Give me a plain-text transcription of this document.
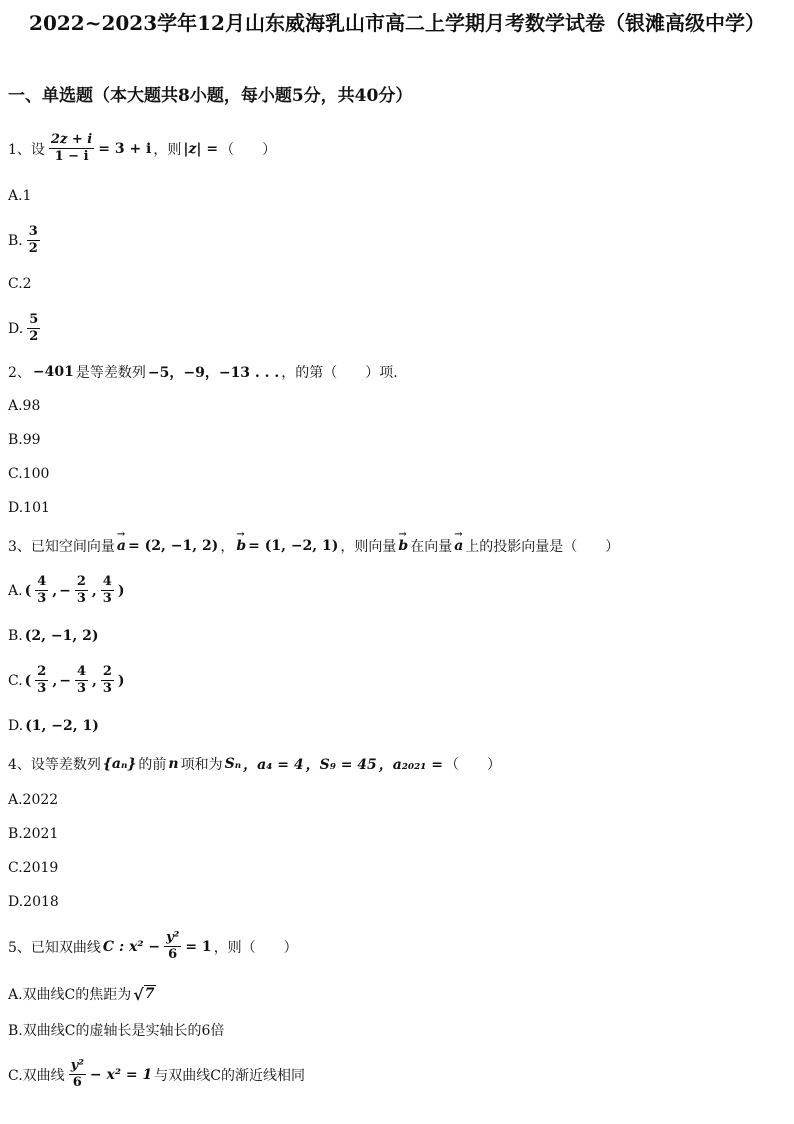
2022~2023学年12月山东威海乳山市高二上学期月考数学试卷（银滩高级中学）
一、单选题（本大题共8小题，每小题5分，共40分）
1、设 $\frac{2z + i}{1 - i} = 3 + i$ ，则 |z| = （　　）
A.1
B. $\frac{3}{2}$
C.2
D. $\frac{5}{2}$
2、 −401 是等差数列 −5，−9，−13 . . . ，的第（　　）项.
A.98
B.99
C.100
D.101
3、已知空间向量 → a = (2, −1, 2) ， → b = (1, −2, 1) ，则向量 → b 在向量 → a 上的投影向量是（　　）
A. ( $\frac{4}{3}$ , − $\frac{2}{3}$ , $\frac{4}{3}$ )
B. (2, −1, 2)
C. ( $\frac{2}{3}$ , − $\frac{4}{3}$ , $\frac{2}{3}$ )
D. (1, −2, 1)
4、设等差数列 {aₙ} 的前 n 项和为 Sₙ ，a₄ = 4 ，S₉ = 45 ，a₂₀₂₁ = （　　）
A.2022
B.2021
C.2019
D.2018
5、已知双曲线 C : $x^2 - \frac{\text{y²}}{6} = 1$ ，则（　　）
A.双曲线C的焦距为 √ 7
B.双曲线C的虚轴长是实轴长的6倍
C.双曲线 $\frac{\text{y²}}{6} - x^2 = 1$ 与双曲线C的渐近线相同
